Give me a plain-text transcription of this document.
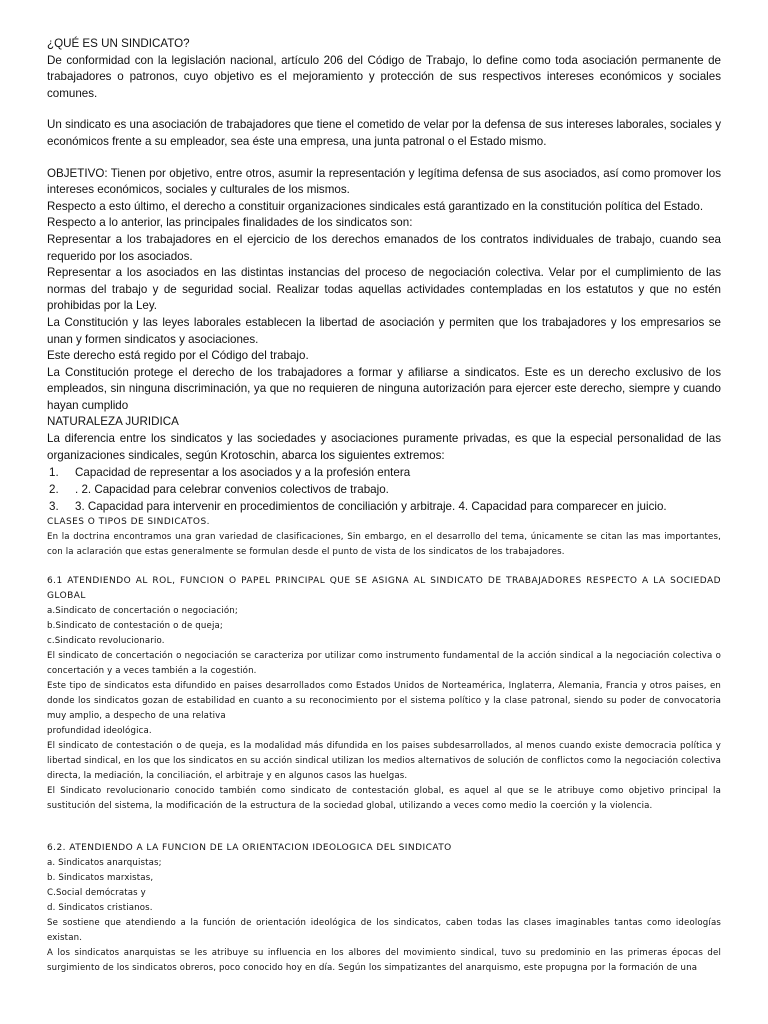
¿QUÉ ES UN SINDICATO?

De conformidad con la legislación nacional, artículo 206 del Código de Trabajo, lo define como toda asociación permanente de trabajadores o patronos, cuyo objetivo es el mejoramiento y protección de sus respectivos intereses económicos y sociales comunes.

Un sindicato es una asociación de trabajadores que tiene el cometido de velar por la defensa de sus intereses laborales, sociales y económicos frente a su empleador, sea éste una empresa, una junta patronal o el Estado mismo.

OBJETIVO: Tienen por objetivo, entre otros, asumir la representación y legítima defensa de sus asociados, así como promover los intereses económicos, sociales y culturales de los mismos.

Respecto a esto último, el derecho a constituir organizaciones sindicales está garantizado en la constitución política del Estado.

Respecto a lo anterior, las principales finalidades de los sindicatos son:

Representar a los trabajadores en el ejercicio de los derechos emanados de los contratos individuales de trabajo, cuando sea requerido por los asociados.

Representar a los asociados en las distintas instancias del proceso de negociación colectiva. Velar por el cumplimiento de las normas del trabajo y de seguridad social. Realizar todas aquellas actividades contempladas en los estatutos y que no estén prohibidas por la Ley.

La Constitución y las leyes laborales establecen la libertad de asociación y permiten que los trabajadores y los empresarios se unan y formen sindicatos y asociaciones.

Este derecho está regido por el Código del trabajo.

La Constitución protege el derecho de los trabajadores a formar y afiliarse a sindicatos. Este es un derecho exclusivo de los empleados, sin ninguna discriminación, ya que no requieren de ninguna autorización para ejercer este derecho, siempre y cuando hayan cumplido

NATURALEZA JURIDICA

La diferencia entre los sindicatos y las sociedades y asociaciones puramente privadas, es que la especial personalidad de las organizaciones sindicales, según Krotoschin, abarca los siguientes extremos:

1.	Capacidad de representar a los asociados y a la profesión entera
2.	. 2. Capacidad para celebrar convenios colectivos de trabajo.
3.	3. Capacidad para intervenir en procedimientos de conciliación y arbitraje. 4. Capacidad para comparecer en juicio.

CLASES O TIPOS DE SINDICATOS.

En la doctrina encontramos una gran variedad de clasificaciones, Sin embargo, en el desarrollo del tema, únicamente se citan las mas importantes, con la aclaración que estas generalmente se formulan desde el punto de vista de los sindicatos de los trabajadores.

6.1 ATENDIENDO AL ROL, FUNCION O PAPEL PRINCIPAL QUE SE ASIGNA AL SINDICATO DE TRABAJADORES RESPECTO A LA SOCIEDAD GLOBAL

a.Sindicato de concertación o negociación;

b.Sindicato de contestación o de queja;

c.Sindicato revolucionario.

El sindicato de concertación o negociación se caracteriza por utilizar como instrumento fundamental de la acción sindical a la negociación colectiva o concertación y a veces también a la cogestión.

Este tipo de sindicatos esta difundido en paises desarrollados como Estados Unidos de Norteamérica, Inglaterra, Alemania, Francia y otros paises, en donde los sindicatos gozan de estabilidad en cuanto a su reconocimiento por el sistema político y la clase patronal, siendo su poder de convocatoria muy amplio, a despecho de una relativa

profundidad ideológica.

El sindicato de contestación o de queja, es la modalidad más difundida en los paises subdesarrollados, al menos cuando existe democracia política y libertad sindical, en los que los sindicatos en su acción sindical utilizan los medios alternativos de solución de conflictos como la negociación colectiva directa, la mediación, la conciliación, el arbitraje y en algunos casos las huelgas.

El Sindicato revolucionario conocido también como sindicato de contestación global, es aquel al que se le atribuye como objetivo principal la sustitución del sistema, la modificación de la estructura de la sociedad global, utilizando a veces como medio la coerción y la violencia.

6.2. ATENDIENDO A LA FUNCION DE LA ORIENTACION IDEOLOGICA DEL SINDICATO

a. Sindicatos anarquistas;

b. Sindicatos marxistas,

C.Social demócratas y

d. Sindicatos cristianos.

Se sostiene que atendiendo a la función de orientación ideológica de los sindicatos, caben todas las clases imaginables tantas como ideologías existan.

A los sindicatos anarquistas se les atribuye su influencia en los albores del movimiento sindical, tuvo su predominio en las primeras épocas del surgimiento de los sindicatos obreros, poco conocido hoy en día. Según los simpatizantes del anarquismo, este propugna por la formación de una
